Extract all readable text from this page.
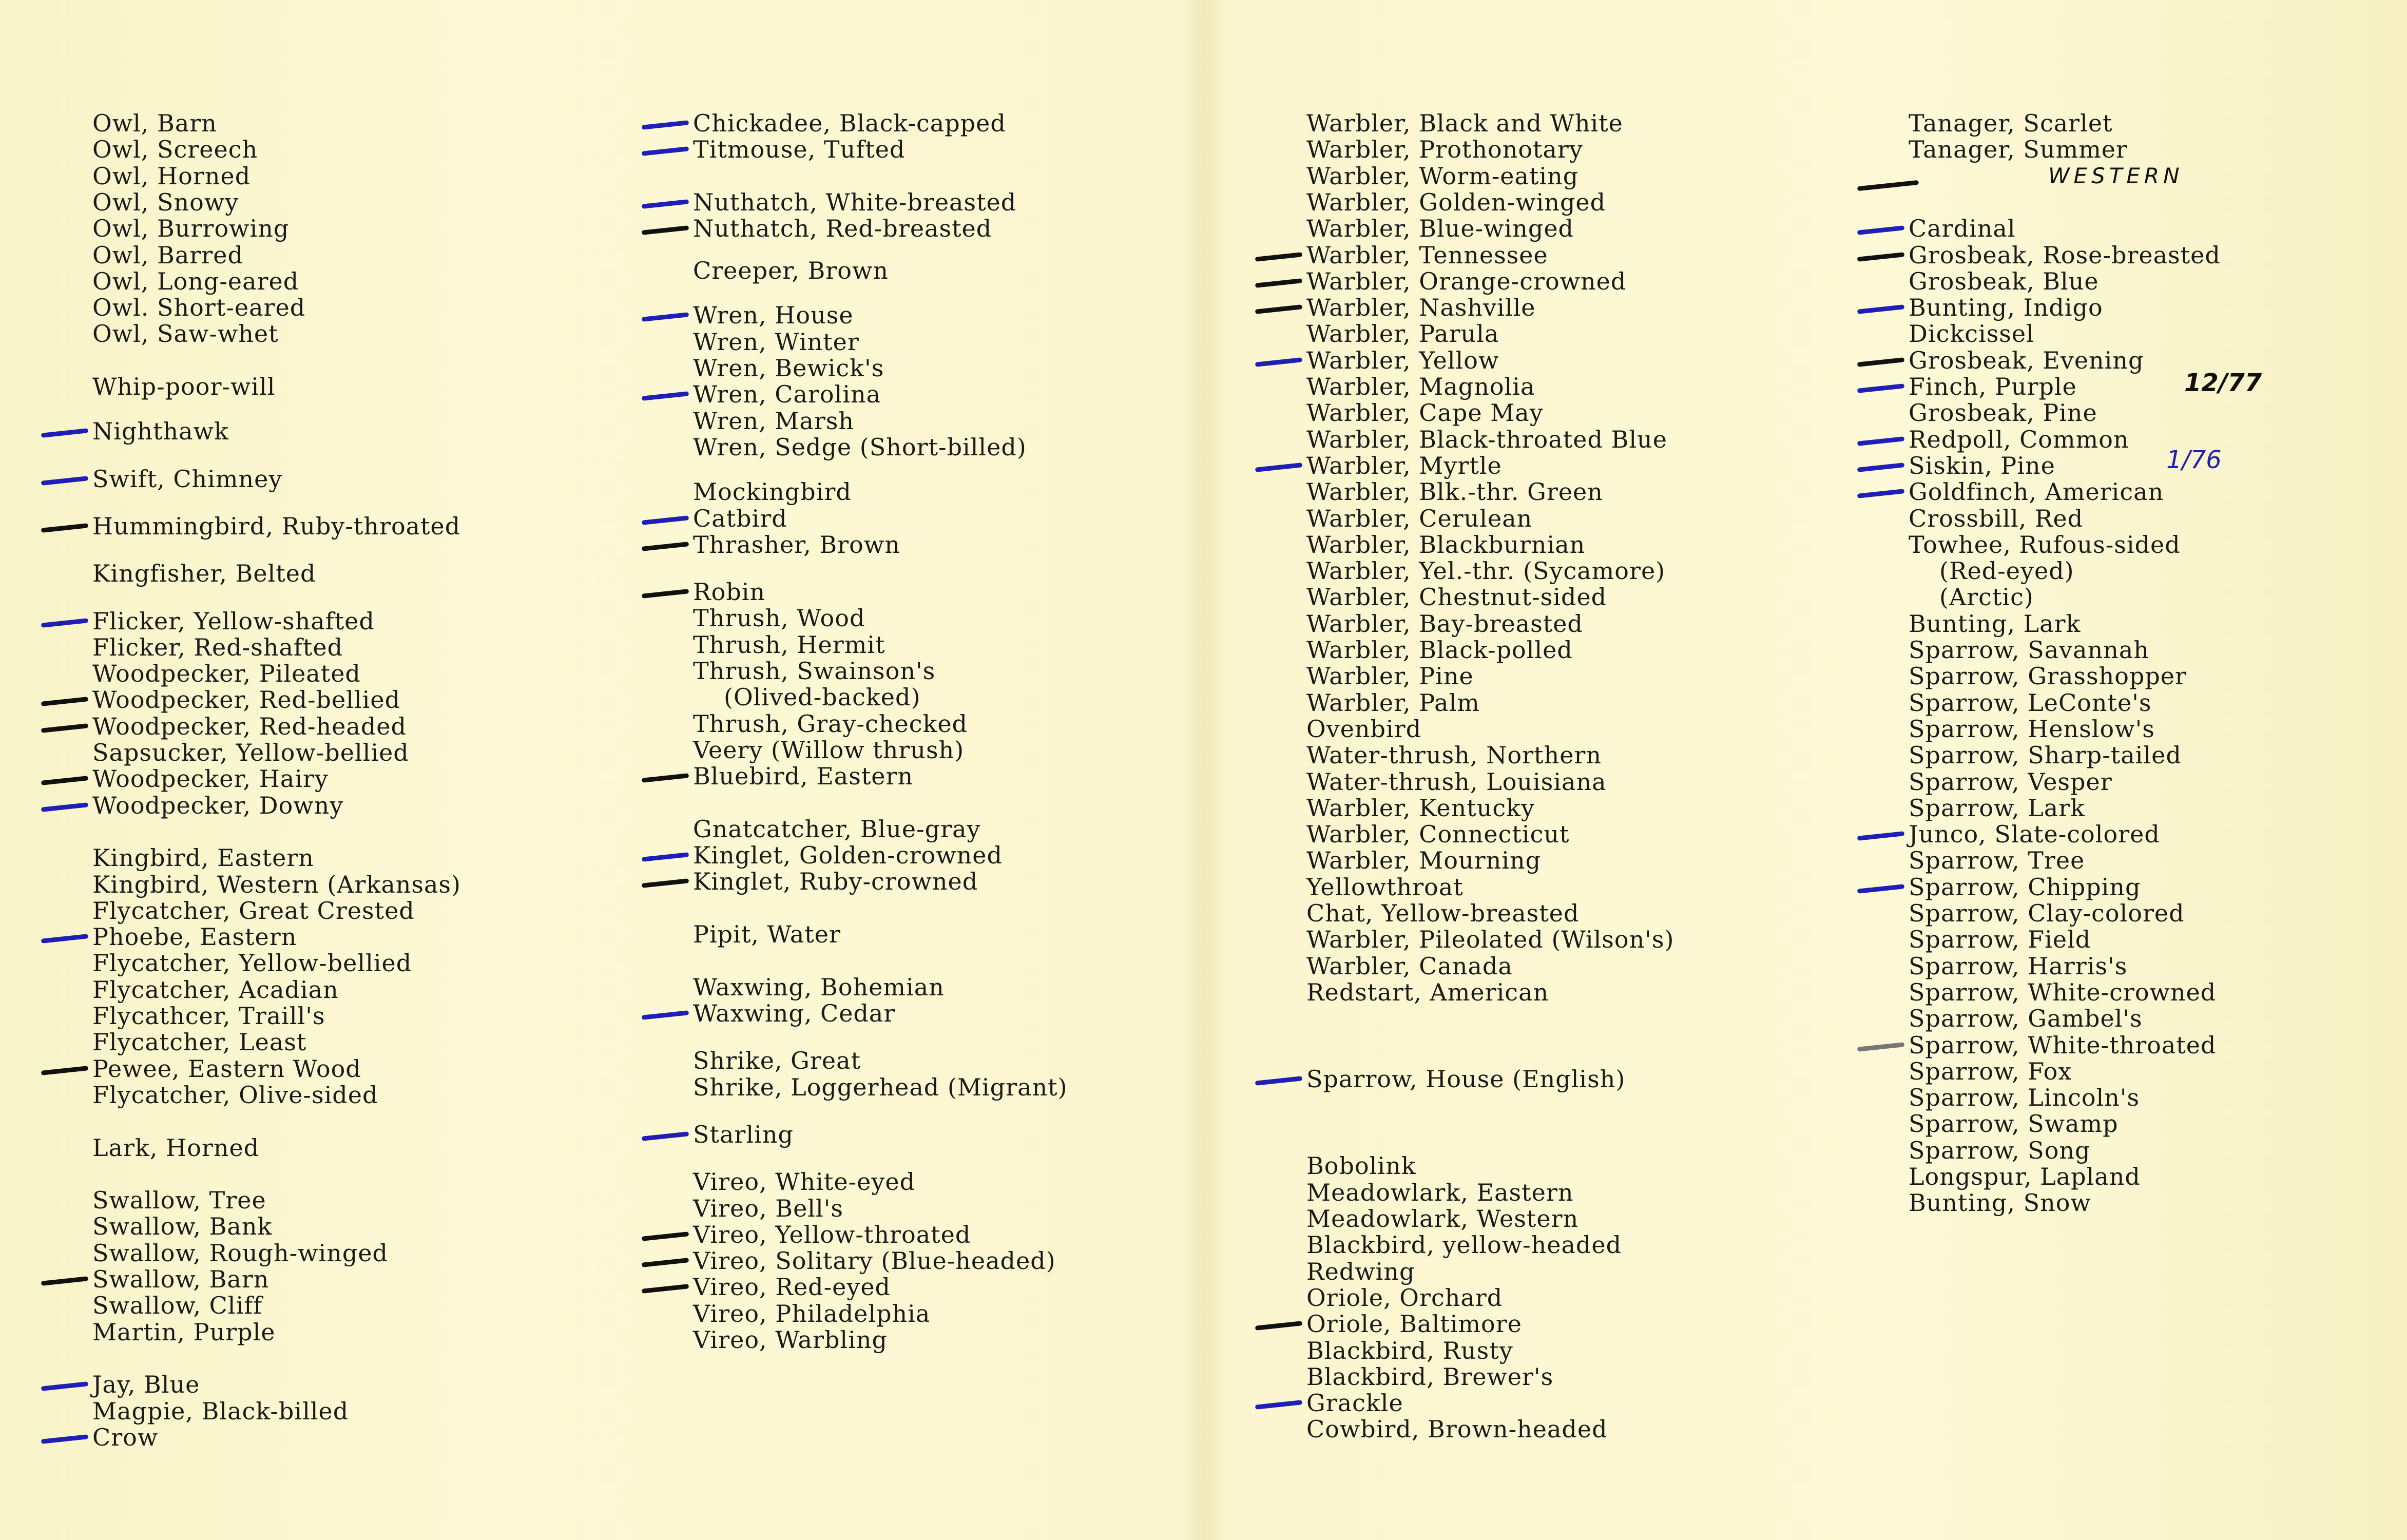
Owl, Barn
Owl, Screech
Owl, Horned
Owl, Snowy
Owl, Burrowing
Owl, Barred
Owl, Long-eared
Owl. Short-eared
Owl, Saw-whet
Whip-poor-will
Nighthawk
Swift, Chimney
Hummingbird, Ruby-throated
Kingfisher, Belted
Flicker, Yellow-shafted
Flicker, Red-shafted
Woodpecker, Pileated
Woodpecker, Red-bellied
Woodpecker, Red-headed
Sapsucker, Yellow-bellied
Woodpecker, Hairy
Woodpecker, Downy
Kingbird, Eastern
Kingbird, Western (Arkansas)
Flycatcher, Great Crested
Phoebe, Eastern
Flycatcher, Yellow-bellied
Flycatcher, Acadian
Flycathcer, Traill's
Flycatcher, Least
Pewee, Eastern Wood
Flycatcher, Olive-sided
Lark, Horned
Swallow, Tree
Swallow, Bank
Swallow, Rough-winged
Swallow, Barn
Swallow, Cliff
Martin, Purple
Jay, Blue
Magpie, Black-billed
Crow
Chickadee, Black-capped
Titmouse, Tufted
Nuthatch, White-breasted
Nuthatch, Red-breasted
Creeper, Brown
Wren, House
Wren, Winter
Wren, Bewick's
Wren, Carolina
Wren, Marsh
Wren, Sedge (Short-billed)
Mockingbird
Catbird
Thrasher, Brown
Robin
Thrush, Wood
Thrush, Hermit
Thrush, Swainson's
(Olived-backed)
Thrush, Gray-checked
Veery (Willow thrush)
Bluebird, Eastern
Gnatcatcher, Blue-gray
Kinglet, Golden-crowned
Kinglet, Ruby-crowned
Pipit, Water
Waxwing, Bohemian
Waxwing, Cedar
Shrike, Great
Shrike, Loggerhead (Migrant)
Starling
Vireo, White-eyed
Vireo, Bell's
Vireo, Yellow-throated
Vireo, Solitary (Blue-headed)
Vireo, Red-eyed
Vireo, Philadelphia
Vireo, Warbling
Warbler, Black and White
Warbler, Prothonotary
Warbler, Worm-eating
Warbler, Golden-winged
Warbler, Blue-winged
Warbler, Tennessee
Warbler, Orange-crowned
Warbler, Nashville
Warbler, Parula
Warbler, Yellow
Warbler, Magnolia
Warbler, Cape May
Warbler, Black-throated Blue
Warbler, Myrtle
Warbler, Blk.-thr. Green
Warbler, Cerulean
Warbler, Blackburnian
Warbler, Yel.-thr. (Sycamore)
Warbler, Chestnut-sided
Warbler, Bay-breasted
Warbler, Black-polled
Warbler, Pine
Warbler, Palm
Ovenbird
Water-thrush, Northern
Water-thrush, Louisiana
Warbler, Kentucky
Warbler, Connecticut
Warbler, Mourning
Yellowthroat
Chat, Yellow-breasted
Warbler, Pileolated (Wilson's)
Warbler, Canada
Redstart, American
Sparrow, House (English)
Bobolink
Meadowlark, Eastern
Meadowlark, Western
Blackbird, yellow-headed
Redwing
Oriole, Orchard
Oriole, Baltimore
Blackbird, Rusty
Blackbird, Brewer's
Grackle
Cowbird, Brown-headed
Tanager, Scarlet
Tanager, Summer
Cardinal
Grosbeak, Rose-breasted
Grosbeak, Blue
Bunting, Indigo
Dickcissel
Grosbeak, Evening
Finch, Purple
Grosbeak, Pine
Redpoll, Common
Siskin, Pine
Goldfinch, American
Crossbill, Red
Towhee, Rufous-sided
(Red-eyed)
(Arctic)
Bunting, Lark
Sparrow, Savannah
Sparrow, Grasshopper
Sparrow, LeConte's
Sparrow, Henslow's
Sparrow, Sharp-tailed
Sparrow, Vesper
Sparrow, Lark
Junco, Slate-colored
Sparrow, Tree
Sparrow, Chipping
Sparrow, Clay-colored
Sparrow, Field
Sparrow, Harris's
Sparrow, White-crowned
Sparrow, Gambel's
Sparrow, White-throated
Sparrow, Fox
Sparrow, Lincoln's
Sparrow, Swamp
Sparrow, Song
Longspur, Lapland
Bunting, Snow
WESTERN
12/77
1/76
